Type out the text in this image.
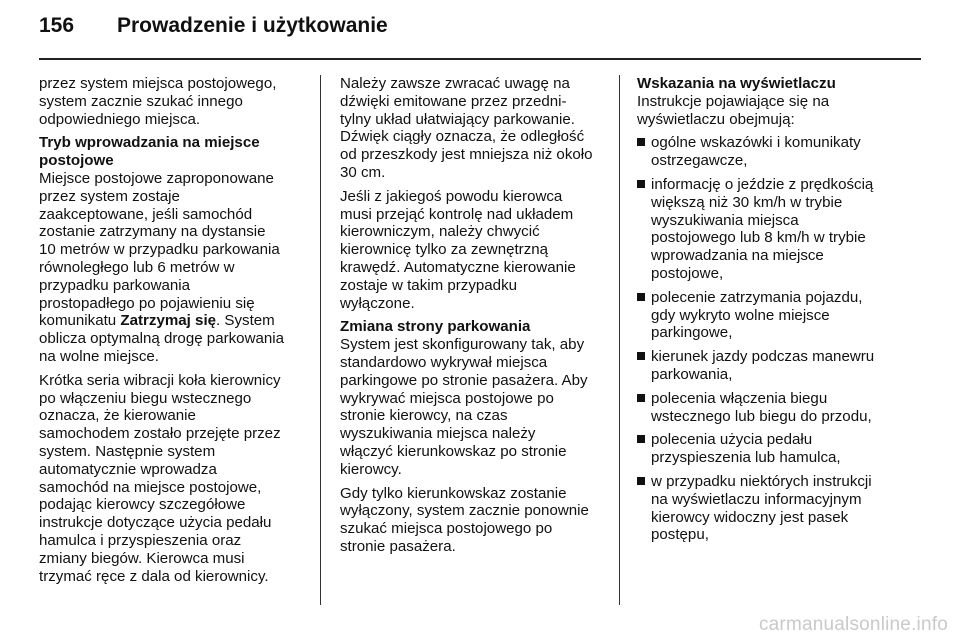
156 Prowadzenie i użytkowanie
przez system miejsca postojowego,
system zacznie szukać innego
odpowiedniego miejsca.
Tryb wprowadzania na miejsce
postojowe
Miejsce postojowe zaproponowane
przez system zostaje
zaakceptowane, jeśli samochód
zostanie zatrzymany na dystansie
10 metrów w przypadku parkowania
równoległego lub 6 metrów w
przypadku parkowania
prostopadłego po pojawieniu się
komunikatu Zatrzymaj się. System
oblicza optymalną drogę parkowania
na wolne miejsce.
Krótka seria wibracji koła kierownicy
po włączeniu biegu wstecznego
oznacza, że kierowanie
samochodem zostało przejęte przez
system. Następnie system
automatycznie wprowadza
samochód na miejsce postojowe,
podając kierowcy szczegółowe
instrukcje dotyczące użycia pedału
hamulca i przyspieszenia oraz
zmiany biegów. Kierowca musi
trzymać ręce z dala od kierownicy.
Należy zawsze zwracać uwagę na
dźwięki emitowane przez przedni-
tylny układ ułatwiający parkowanie.
Dźwięk ciągły oznacza, że odległość
od przeszkody jest mniejsza niż około
30 cm.
Jeśli z jakiegoś powodu kierowca
musi przejąć kontrolę nad układem
kierowniczym, należy chwycić
kierownicę tylko za zewnętrzną
krawędź. Automatyczne kierowanie
zostaje w takim przypadku
wyłączone.
Zmiana strony parkowania
System jest skonfigurowany tak, aby
standardowo wykrywał miejsca
parkingowe po stronie pasażera. Aby
wykrywać miejsca postojowe po
stronie kierowcy, na czas
wyszukiwania miejsca należy
włączyć kierunkowskaz po stronie
kierowcy.
Gdy tylko kierunkowskaz zostanie
wyłączony, system zacznie ponownie
szukać miejsca postojowego po
stronie pasażera.
Wskazania na wyświetlaczu
Instrukcje pojawiające się na
wyświetlaczu obejmują:
ogólne wskazówki i komunikaty
ostrzegawcze,
informację o jeździe z prędkością
większą niż 30 km/h w trybie
wyszukiwania miejsca
postojowego lub 8 km/h w trybie
wprowadzania na miejsce
postojowe,
polecenie zatrzymania pojazdu,
gdy wykryto wolne miejsce
parkingowe,
kierunek jazdy podczas manewru
parkowania,
polecenia włączenia biegu
wstecznego lub biegu do przodu,
polecenia użycia pedału
przyspieszenia lub hamulca,
w przypadku niektórych instrukcji
na wyświetlaczu informacyjnym
kierowcy widoczny jest pasek
postępu,
carmanualsonline.info
